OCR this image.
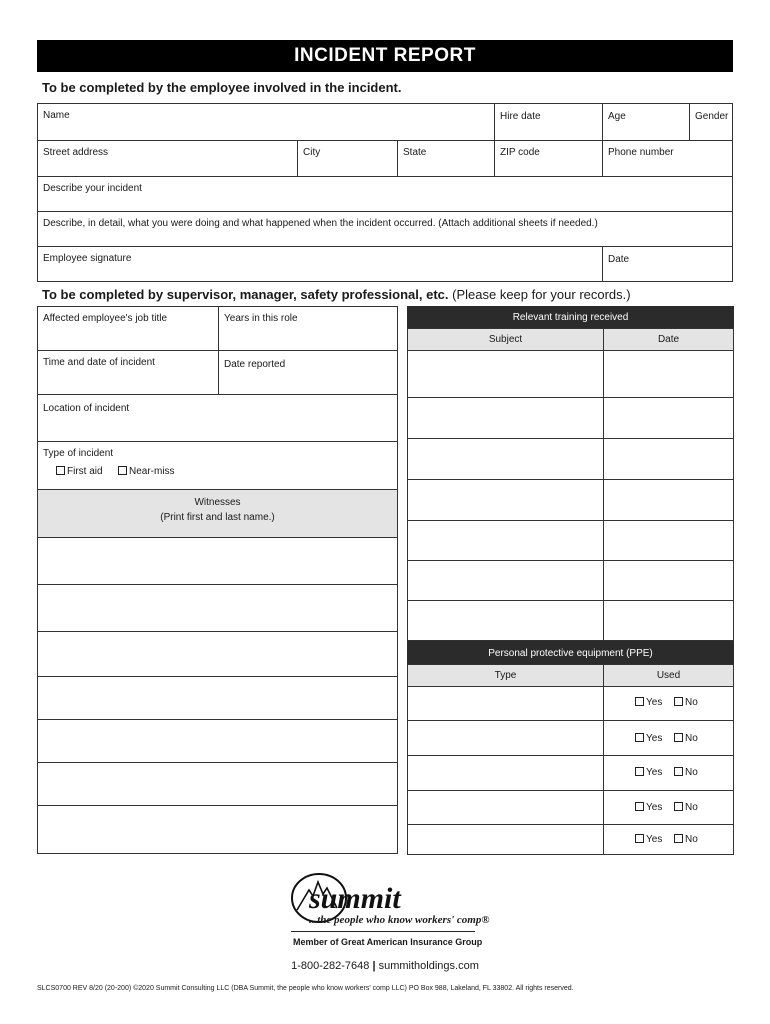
INCIDENT REPORT
To be completed by the employee involved in the incident.
Name	Hire date	Age	Gender
Street address	City	State	ZIP code	Phone number
Describe your incident
Describe, in detail, what you were doing and what happened when the incident occurred. (Attach additional sheets if needed.)
Employee signature	Date
To be completed by supervisor, manager, safety professional, etc. (Please keep for your records.)
Affected employee's job title	Years in this role
Time and date of incident	Date reported
Location of incident
Type of incident
First aid	Near-miss
Witnesses
(Print first and last name.)
Relevant training received
Subject	Date
Personal protective equipment (PPE)
Type	Used
Yes	No
Yes	No
Yes	No
Yes	No
Yes	No
summit
...the people who know workers' comp®
Member of Great American Insurance Group
1-800-282-7648 | summitholdings.com
SLCS0700 REV 8/20 (20-200) ©2020 Summit Consulting LLC (DBA Summit, the people who know workers' comp LLC) PO Box 988, Lakeland, FL 33802. All rights reserved.
